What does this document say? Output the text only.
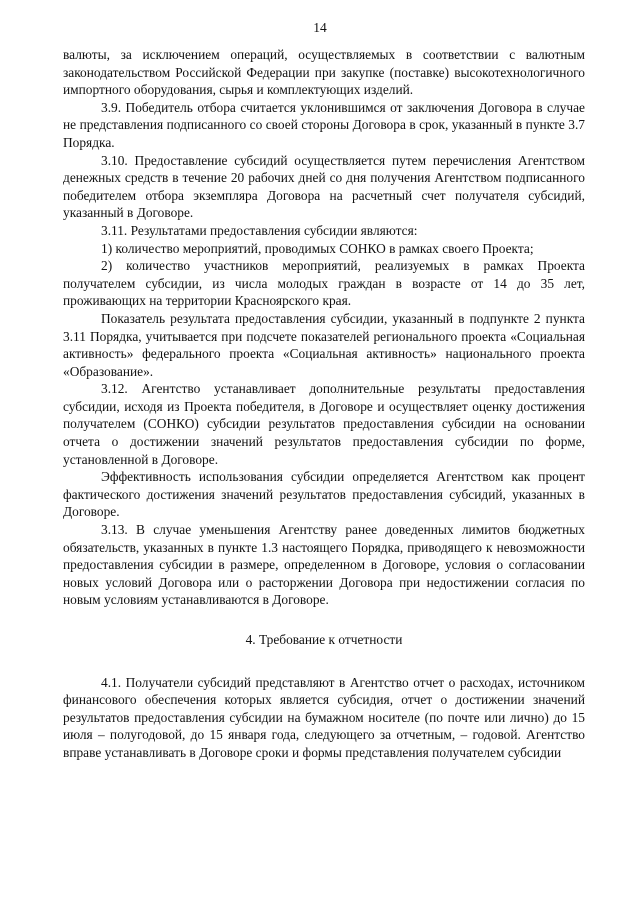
14

валюты, за исключением операций, осуществляемых в соответствии с валютным законодательством Российской Федерации при закупке (поставке) высокотехнологичного импортного оборудования, сырья и комплектующих изделий.

3.9. Победитель отбора считается уклонившимся от заключения Договора в случае не представления подписанного со своей стороны Договора в срок, указанный в пункте 3.7 Порядка.

3.10. Предоставление субсидий осуществляется путем перечисления Агентством денежных средств в течение 20 рабочих дней со дня получения Агентством подписанного победителем отбора экземпляра Договора на расчетный счет получателя субсидий, указанный в Договоре.

3.11. Результатами предоставления субсидии являются:

1) количество мероприятий, проводимых СОНКО в рамках своего Проекта;

2) количество участников мероприятий, реализуемых в рамках Проекта получателем субсидии, из числа молодых граждан в возрасте от 14 до 35 лет, проживающих на территории Красноярского края.

Показатель результата предоставления субсидии, указанный в подпункте 2 пункта 3.11 Порядка, учитывается при подсчете показателей регионального проекта «Социальная активность» федерального проекта «Социальная активность» национального проекта «Образование».

3.12. Агентство устанавливает дополнительные результаты предоставления субсидии, исходя из Проекта победителя, в Договоре и осуществляет оценку достижения получателем (СОНКО) субсидии результатов предоставления субсидии на основании отчета о достижении значений результатов предоставления субсидии по форме, установленной в Договоре.

Эффективность использования субсидии определяется Агентством как процент фактического достижения значений результатов предоставления субсидий, указанных в Договоре.

3.13. В случае уменьшения Агентству ранее доведенных лимитов бюджетных обязательств, указанных в пункте 1.3 настоящего Порядка, приводящего к невозможности предоставления субсидии в размере, определенном в Договоре, условия о согласовании новых условий Договора или о расторжении Договора при недостижении согласия по новым условиям устанавливаются в Договоре.

4. Требование к отчетности

4.1. Получатели субсидий представляют в Агентство отчет о расходах, источником финансового обеспечения которых является субсидия, отчет о достижении значений результатов предоставления субсидии на бумажном носителе (по почте или лично) до 15 июля – полугодовой, до 15 января года, следующего за отчетным, – годовой. Агентство вправе устанавливать в Договоре сроки и формы представления получателем субсидии
